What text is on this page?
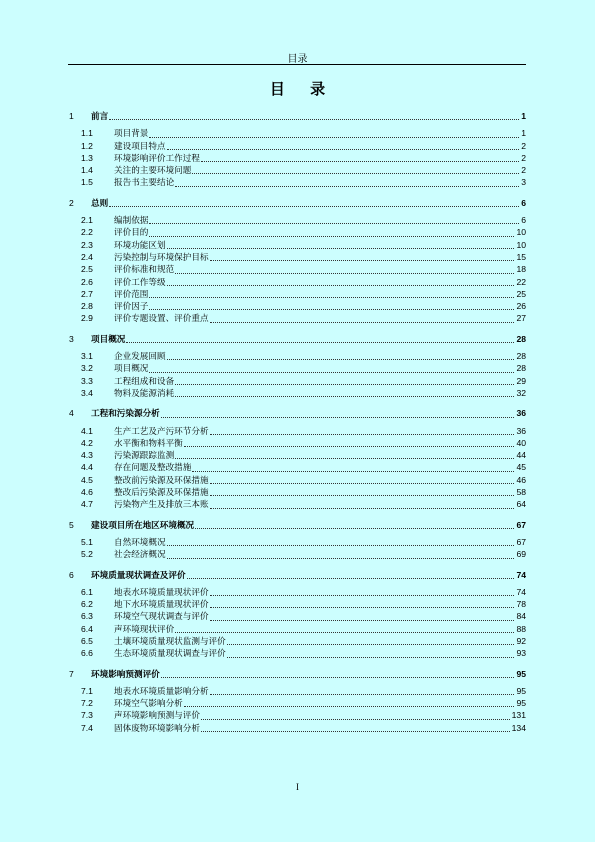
目录
目 录
1	前言	1
1.1	项目背景	1
1.2	建设项目特点	2
1.3	环境影响评价工作过程	2
1.4	关注的主要环境问题	2
1.5	报告书主要结论	3
2	总则	6
2.1	编制依据	6
2.2	评价目的	10
2.3	环境功能区划	10
2.4	污染控制与环境保护目标	15
2.5	评价标准和规范	18
2.6	评价工作等级	22
2.7	评价范围	25
2.8	评价因子	26
2.9	评价专题设置、评价重点	27
3	项目概况	28
3.1	企业发展回顾	28
3.2	项目概况	28
3.3	工程组成和设备	29
3.4	物料及能源消耗	32
4	工程和污染源分析	36
4.1	生产工艺及产污环节分析	36
4.2	水平衡和物料平衡	40
4.3	污染源跟踪监测	44
4.4	存在问题及整改措施	45
4.5	整改前污染源及环保措施	46
4.6	整改后污染源及环保措施	58
4.7	污染物产生及排放三本账	64
5	建设项目所在地区环境概况	67
5.1	自然环境概况	67
5.2	社会经济概况	69
6	环境质量现状调查及评价	74
6.1	地表水环境质量现状评价	74
6.2	地下水环境质量现状评价	78
6.3	环境空气现状调查与评价	84
6.4	声环境现状评价	88
6.5	土壤环境质量现状监测与评价	92
6.6	生态环境质量现状调查与评价	93
7	环境影响预测评价	95
7.1	地表水环境质量影响分析	95
7.2	环境空气影响分析	95
7.3	声环境影响预测与评价	131
7.4	固体废物环境影响分析	134
I
